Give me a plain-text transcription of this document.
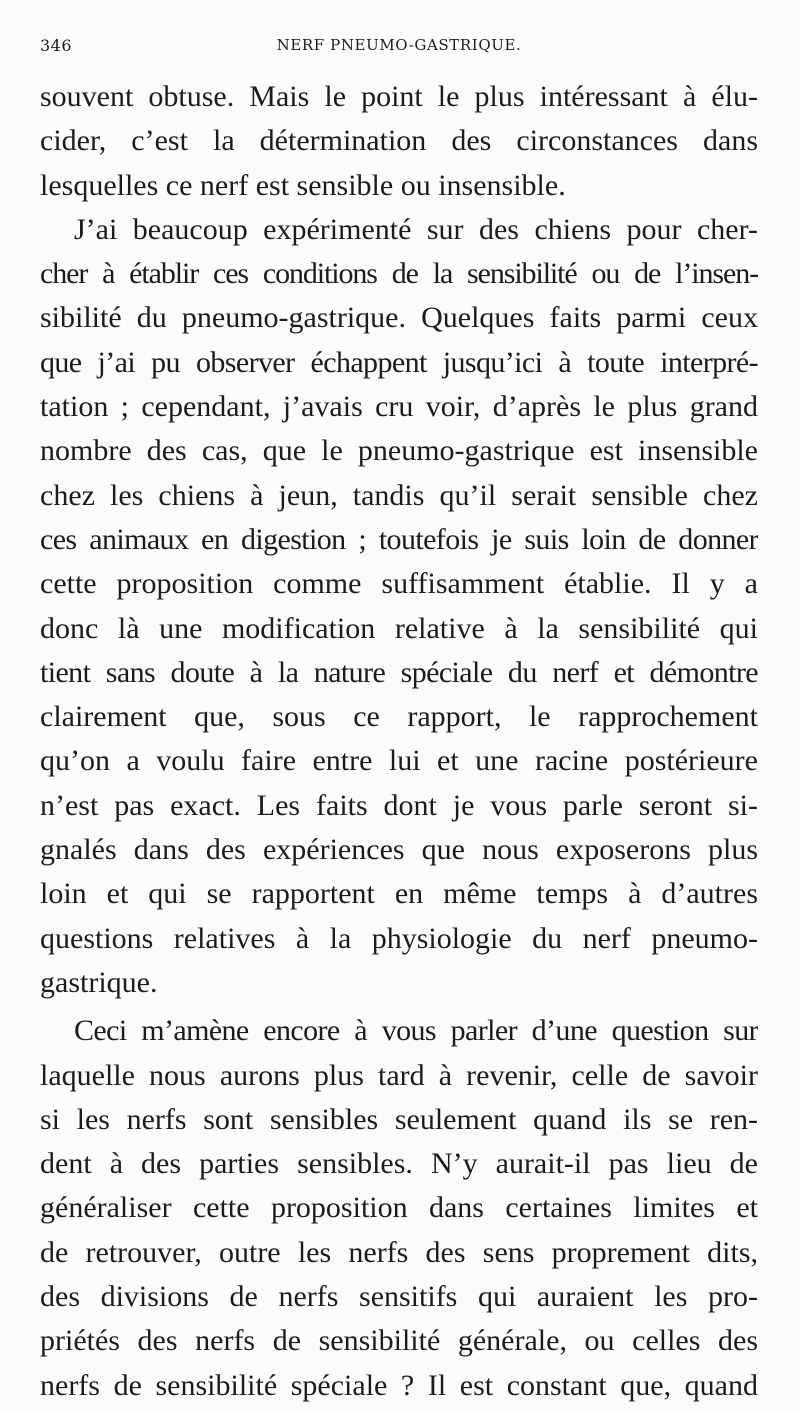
346	NERF PNEUMO-GASTRIQUE.
souvent obtuse. Mais le point le plus intéressant à élu-
cider, c’est la détermination des circonstances dans
lesquelles ce nerf est sensible ou insensible.
J’ai beaucoup expérimenté sur des chiens pour cher-
cher à établir ces conditions de la sensibilité ou de l’insen-
sibilité du pneumo-gastrique. Quelques faits parmi ceux
que j’ai pu observer échappent jusqu’ici à toute interpré-
tation ; cependant, j’avais cru voir, d’après le plus grand
nombre des cas, que le pneumo-gastrique est insensible
chez les chiens à jeun, tandis qu’il serait sensible chez
ces animaux en digestion ; toutefois je suis loin de donner
cette proposition comme suffisamment établie. Il y a
donc là une modification relative à la sensibilité qui
tient sans doute à la nature spéciale du nerf et démontre
clairement que, sous ce rapport, le rapprochement
qu’on a voulu faire entre lui et une racine postérieure
n’est pas exact. Les faits dont je vous parle seront si-
gnalés dans des expériences que nous exposerons plus
loin et qui se rapportent en même temps à d’autres
questions relatives à la physiologie du nerf pneumo-
gastrique.
Ceci m’amène encore à vous parler d’une question sur
laquelle nous aurons plus tard à revenir, celle de savoir
si les nerfs sont sensibles seulement quand ils se ren-
dent à des parties sensibles. N’y aurait-il pas lieu de
généraliser cette proposition dans certaines limites et
de retrouver, outre les nerfs des sens proprement dits,
des divisions de nerfs sensitifs qui auraient les pro-
priétés des nerfs de sensibilité générale, ou celles des
nerfs de sensibilité spéciale ? Il est constant que, quand
